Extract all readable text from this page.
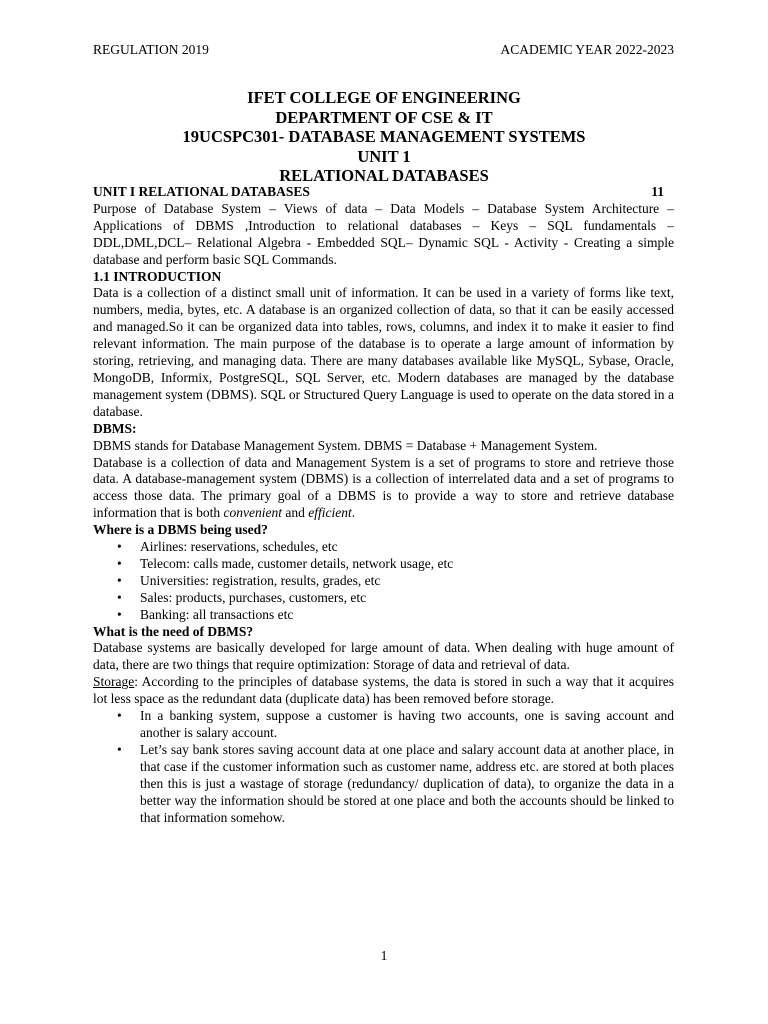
REGULATION 2019	ACADEMIC YEAR 2022-2023
IFET COLLEGE OF ENGINEERING
DEPARTMENT OF CSE & IT
19UCSPC301- DATABASE MANAGEMENT SYSTEMS
UNIT 1
RELATIONAL DATABASES
UNIT I RELATIONAL DATABASES	11

Purpose of Database System – Views of data – Data Models – Database System Architecture – Applications of DBMS ,Introduction to relational databases – Keys – SQL fundamentals – DDL,DML,DCL– Relational Algebra - Embedded SQL– Dynamic SQL - Activity - Creating a simple database and perform basic SQL Commands.

1.1 INTRODUCTION

Data is a collection of a distinct small unit of information. It can be used in a variety of forms like text, numbers, media, bytes, etc. A database is an organized collection of data, so that it can be easily accessed and managed.So it can be organized data into tables, rows, columns, and index it to make it easier to find relevant information. The main purpose of the database is to operate a large amount of information by storing, retrieving, and managing data. There are many databases available like MySQL, Sybase, Oracle, MongoDB, Informix, PostgreSQL, SQL Server, etc. Modern databases are managed by the database management system (DBMS). SQL or Structured Query Language is used to operate on the data stored in a database.

DBMS:

DBMS stands for Database Management System. DBMS = Database + Management System.

Database is a collection of data and Management System is a set of programs to store and retrieve those data. A database-management system (DBMS) is a collection of interrelated data and a set of programs to access those data. The primary goal of a DBMS is to provide a way to store and retrieve database information that is both convenient and efficient.

Where is a DBMS being used?
• Airlines: reservations, schedules, etc
• Telecom: calls made, customer details, network usage, etc
• Universities: registration, results, grades, etc
• Sales: products, purchases, customers, etc
• Banking: all transactions etc
What is the need of DBMS?

Database systems are basically developed for large amount of data. When dealing with huge amount of data, there are two things that require optimization: Storage of data and retrieval of data.

Storage: According to the principles of database systems, the data is stored in such a way that it acquires lot less space as the redundant data (duplicate data) has been removed before storage.

• In a banking system, suppose a customer is having two accounts, one is saving account and another is salary account.
• Let’s say bank stores saving account data at one place and salary account data at another place, in that case if the customer information such as customer name, address etc. are stored at both places then this is just a wastage of storage (redundancy/ duplication of data), to organize the data in a better way the information should be stored at one place and both the accounts should be linked to that information somehow.
1
